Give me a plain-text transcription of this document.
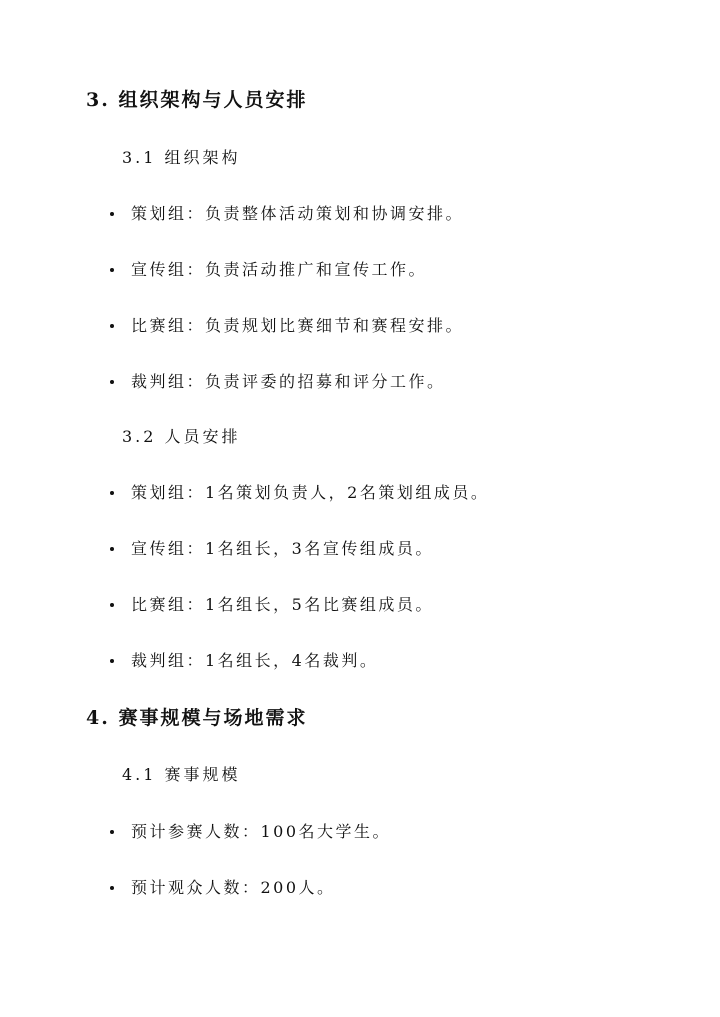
3. 组织架构与人员安排
3.1 组织架构
策划组：负责整体活动策划和协调安排。
宣传组：负责活动推广和宣传工作。
比赛组：负责规划比赛细节和赛程安排。
裁判组：负责评委的招募和评分工作。
3.2 人员安排
策划组：1名策划负责人，2名策划组成员。
宣传组：1名组长，3名宣传组成员。
比赛组：1名组长，5名比赛组成员。
裁判组：1名组长，4名裁判。
4. 赛事规模与场地需求
4.1 赛事规模
预计参赛人数：100名大学生。
预计观众人数：200人。
